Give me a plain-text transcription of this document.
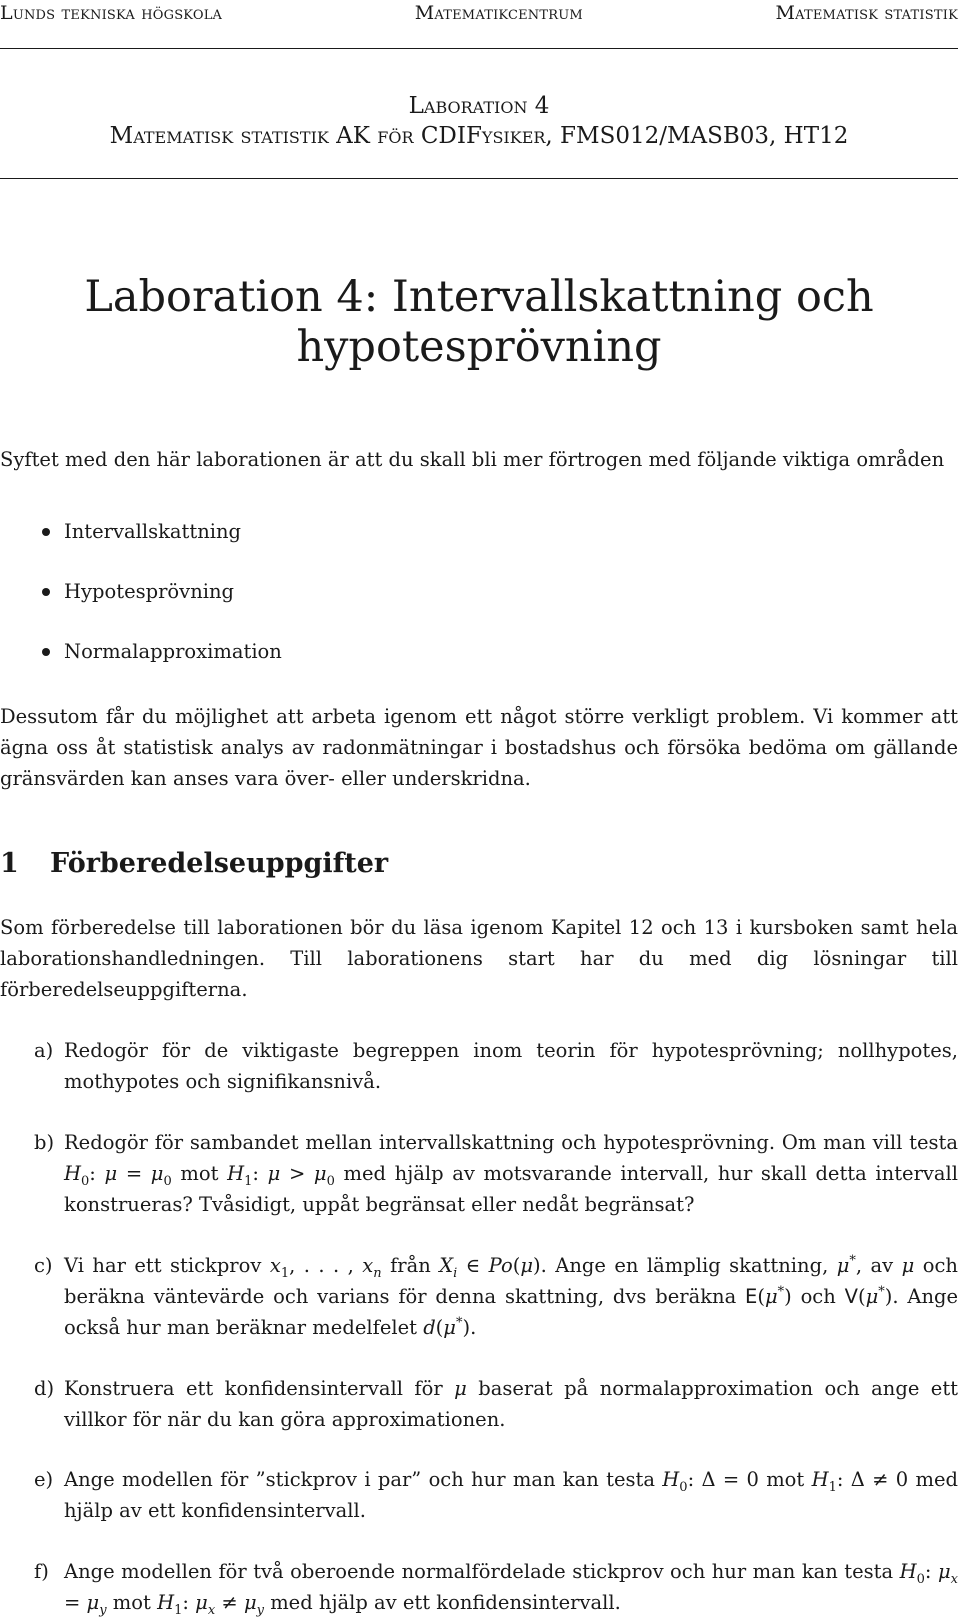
Lunds tekniska högskola	Matematikcentrum	Matematisk statistik
Laboration 4
Matematisk statistik AK för CDIFysiker, FMS012/MASB03, HT12
Laboration 4: Intervallskattning och
hypotesprövning

Syftet med den här laborationen är att du skall bli mer förtrogen med följande viktiga områden

Intervallskattning
Hypotesprövning
Normalapproximation

Dessutom får du möjlighet att arbeta igenom ett något större verkligt problem. Vi kommer att ägna oss åt statistisk analys av radonmätningar i bostadshus och försöka bedöma om gällande gränsvärden kan anses vara över- eller underskridna.

1 Förberedelseuppgifter

Som förberedelse till laborationen bör du läsa igenom Kapitel 12 och 13 i kursboken samt hela laborationshandledningen. Till laborationens start har du med dig lösningar till förberedelseuppgifterna.

a) Redogör för de viktigaste begreppen inom teorin för hypotesprövning; nollhypotes, mothypotes och signifikansnivå.
b) Redogör för sambandet mellan intervallskattning och hypotesprövning. Om man vill testa $H_0$: $\mu = \mu_0$ mot $H_1$: $\mu > \mu_0$ med hjälp av motsvarande intervall, hur skall detta intervall konstrueras? Tvåsidigt, uppåt begränsat eller nedåt begränsat?
c) Vi har ett stickprov $x_1$, . . . , $x_n$ från $X_i$ ∈ Po(μ). Ange en lämplig skattning, μ*, av μ och beräkna väntevärde och varians för denna skattning, dvs beräkna E(μ*) och V(μ*). Ange också hur man beräknar medelfelet d(μ*).
d) Konstruera ett konfidensintervall för μ baserat på normalapproximation och ange ett villkor för när du kan göra approximationen.
e) Ange modellen för ”stickprov i par” och hur man kan testa $H_0$: Δ = 0 mot $H_1$: Δ ≠ 0 med hjälp av ett konfidensintervall.
f) Ange modellen för två oberoende normalfördelade stickprov och hur man kan testa $H_0$: $\mu_x = \mu_y$ mot $H_1$: $\mu_x \ne \mu_y$ med hjälp av ett konfidensintervall.
